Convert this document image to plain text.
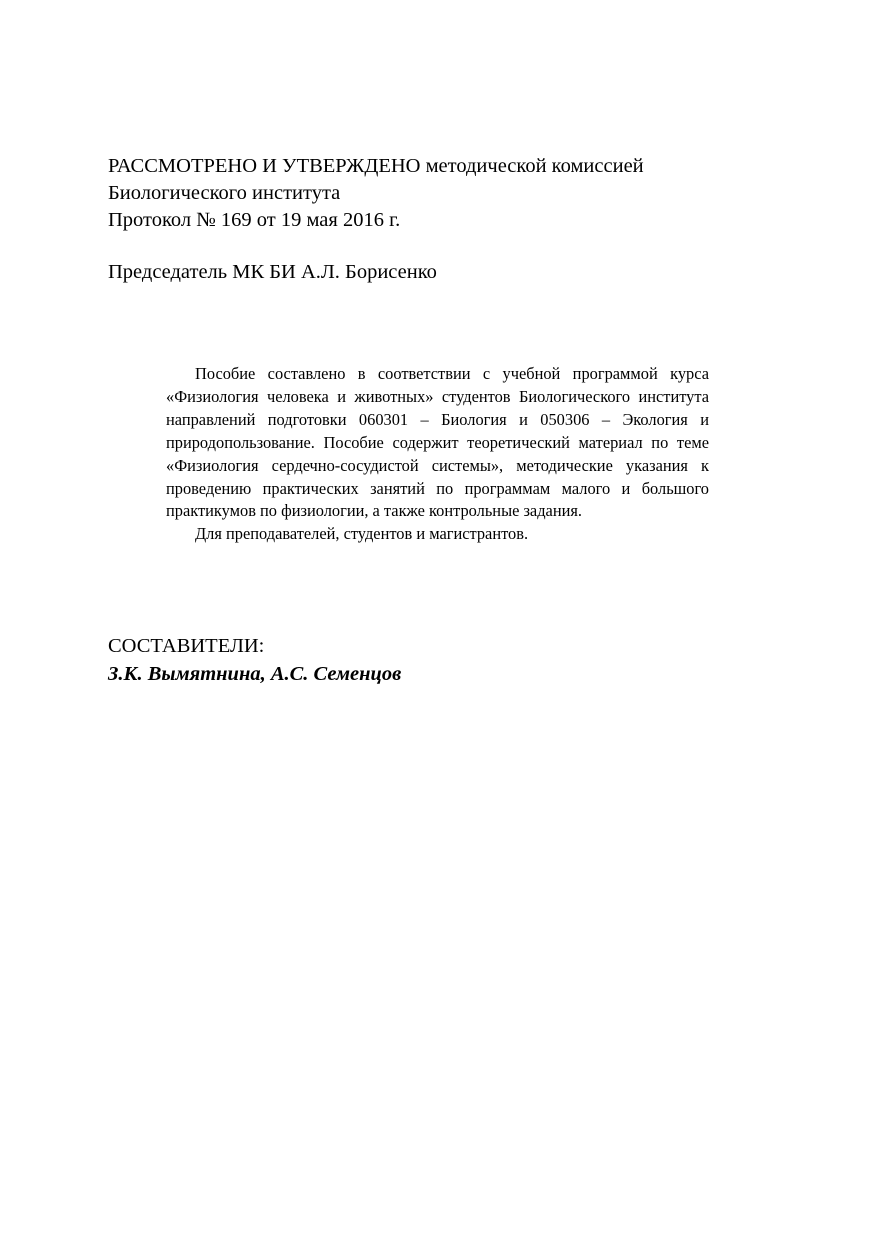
РАССМОТРЕНО И УТВЕРЖДЕНО методической комиссией
Биологического института
Протокол № 169 от 19 мая 2016 г.
Председатель МК БИ А.Л. Борисенко

Пособие составлено в соответствии с учебной программой курса «Физиология человека и животных» студентов Биологического института направлений подготовки 060301 – Биология и 050306 – Экология и природопользование. Пособие содержит теоретический материал по теме «Физиология сердечно-сосудистой системы», методические указания к проведению практических занятий по программам малого и большого практикумов по физиологии, а также контрольные задания.

Для преподавателей, студентов и магистрантов.

СОСТАВИТЕЛИ:
З.К. Вымятнина, А.С. Семенцов
